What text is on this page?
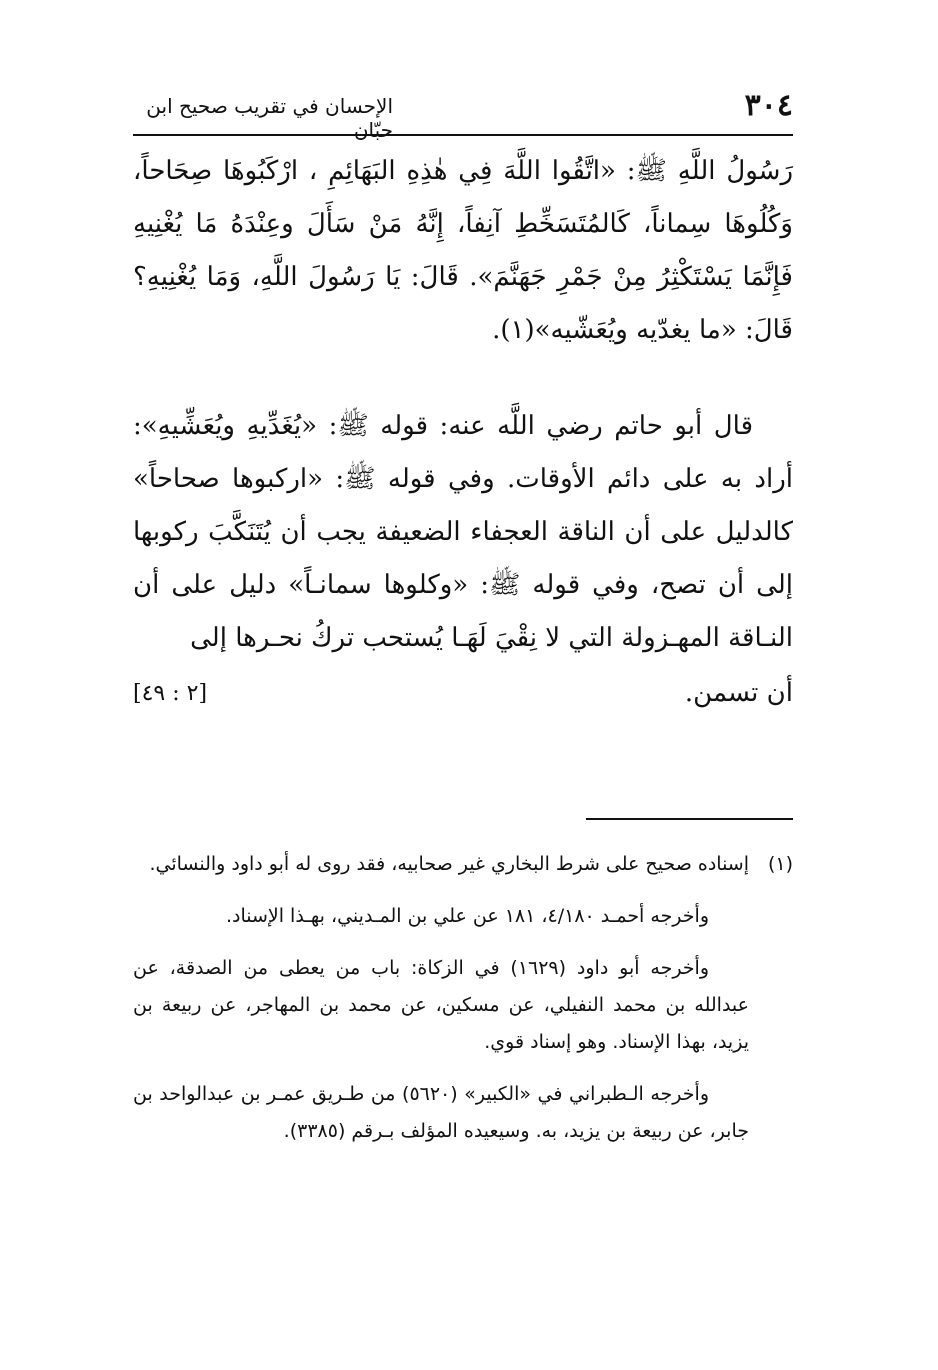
٣٠٤
الإحسان في تقريب صحيح ابن حبّان
رَسُولُ اللَّهِ ﷺ: «اتَّقُوا اللَّهَ فِي هٰذِهِ البَهَائِمِ ، ارْكَبُوهَا صِحَاحاً، وَكُلُوهَا سِماناً، كَالمُتَسَخِّطِ آنِفاً، إِنَّهُ مَنْ سَأَلَ وعِنْدَهُ مَا يُغْنِيهِ فَإِنَّمَا يَسْتَكْثِرُ مِنْ جَمْرِ جَهَنَّمَ». قَالَ: يَا رَسُولَ اللَّهِ، وَمَا يُغْنِيهِ؟ قَالَ: «ما يغدّيه ويُعَشّيه»(١).
قال أبو حاتم رضي اللَّه عنه: قوله ﷺ: «يُغَدِّيهِ ويُعَشِّيهِ»: أراد به على دائم الأوقات. وفي قوله ﷺ: «اركبوها صحاحاً» كالدليل على أن الناقة العجفاء الضعيفة يجب أن يُتَنَكَّبَ ركوبها إلى أن تصح، وفي قوله ﷺ: «وكلوها سمانـاً» دليل على أن النـاقة المهـزولة التي لا نِقْيَ لَهَـا يُستحب تركُ نحـرها إلى
أن تسمن.
[٢ : ٤٩]

(١)
إسناده صحيح على شرط البخاري غير صحابيه، فقد روى له أبو داود والنسائي.

وأخرجه أحمـد ٤/١٨٠، ١٨١ عن علي بن المـديني، بهـذا الإسناد.

وأخرجه أبو داود (١٦٢٩) في الزكاة: باب من يعطى من الصدقة، عن عبدالله بن محمد النفيلي، عن مسكين، عن محمد بن المهاجر، عن ربيعة بن يزيد، بهذا الإسناد. وهو إسناد قوي.

وأخرجه الـطبراني في «الكبير» (٥٦٢٠) من طـريق عمـر بن عبدالواحد بن جابر، عن ربيعة بن يزيد، به. وسيعيده المؤلف بـرقم (٣٣٨٥).
